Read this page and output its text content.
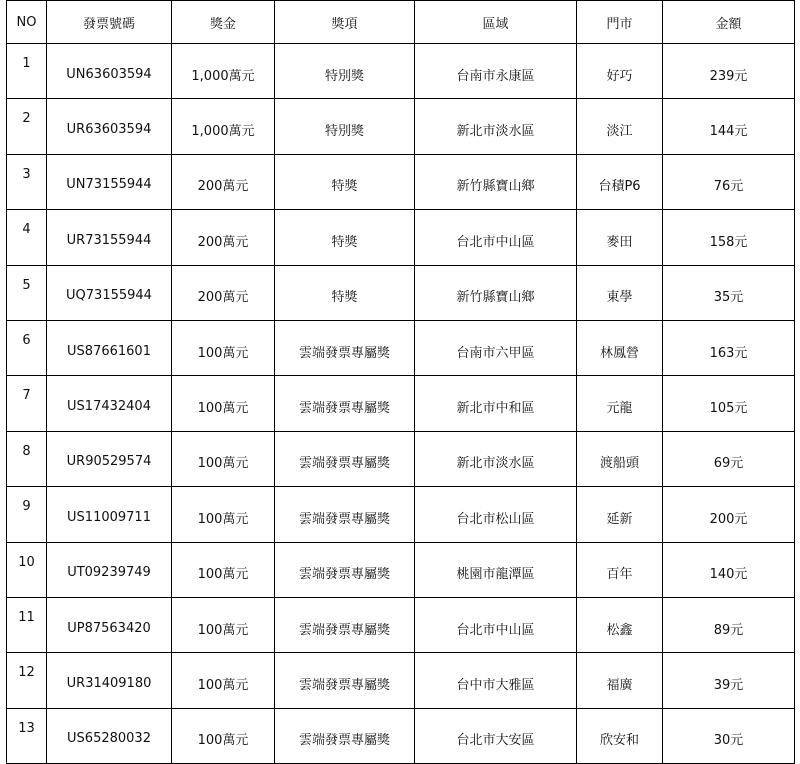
NO	發票號碼	獎金	獎項	區域	門市	金額
1	UN63603594	1,000萬元	特別獎	台南市永康區	好巧	239元
2	UR63603594	1,000萬元	特別獎	新北市淡水區	淡江	144元
3	UN73155944	200萬元	特獎	新竹縣寶山鄉	台積P6	76元
4	UR73155944	200萬元	特獎	台北市中山區	麥田	158元
5	UQ73155944	200萬元	特獎	新竹縣寶山鄉	東學	35元
6	US87661601	100萬元	雲端發票專屬獎	台南市六甲區	林鳳營	163元
7	US17432404	100萬元	雲端發票專屬獎	新北市中和區	元龍	105元
8	UR90529574	100萬元	雲端發票專屬獎	新北市淡水區	渡船頭	69元
9	US11009711	100萬元	雲端發票專屬獎	台北市松山區	延新	200元
10	UT09239749	100萬元	雲端發票專屬獎	桃園市龍潭區	百年	140元
11	UP87563420	100萬元	雲端發票專屬獎	台北市中山區	松鑫	89元
12	UR31409180	100萬元	雲端發票專屬獎	台中市大雅區	福廣	39元
13	US65280032	100萬元	雲端發票專屬獎	台北市大安區	欣安和	30元
